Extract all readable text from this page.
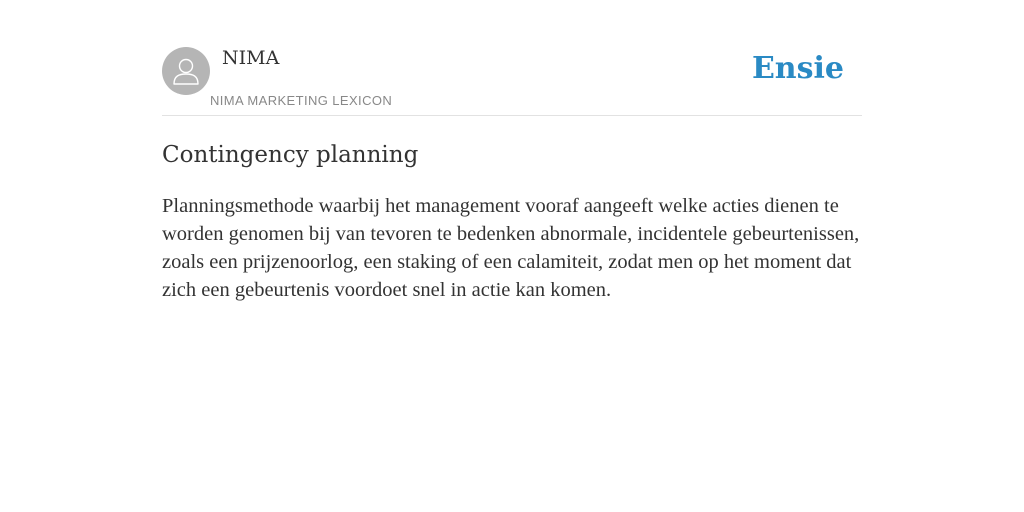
NIMA
NIMA MARKETING LEXICON
Ensie
Contingency planning

Planningsmethode waarbij het management vooraf aangeeft welke acties dienen te worden genomen bij van tevoren te bedenken abnormale, incidentele gebeurtenissen, zoals een prijzenoorlog, een staking of een calamiteit, zodat men op het moment dat zich een gebeurtenis voordoet snel in actie kan komen.
